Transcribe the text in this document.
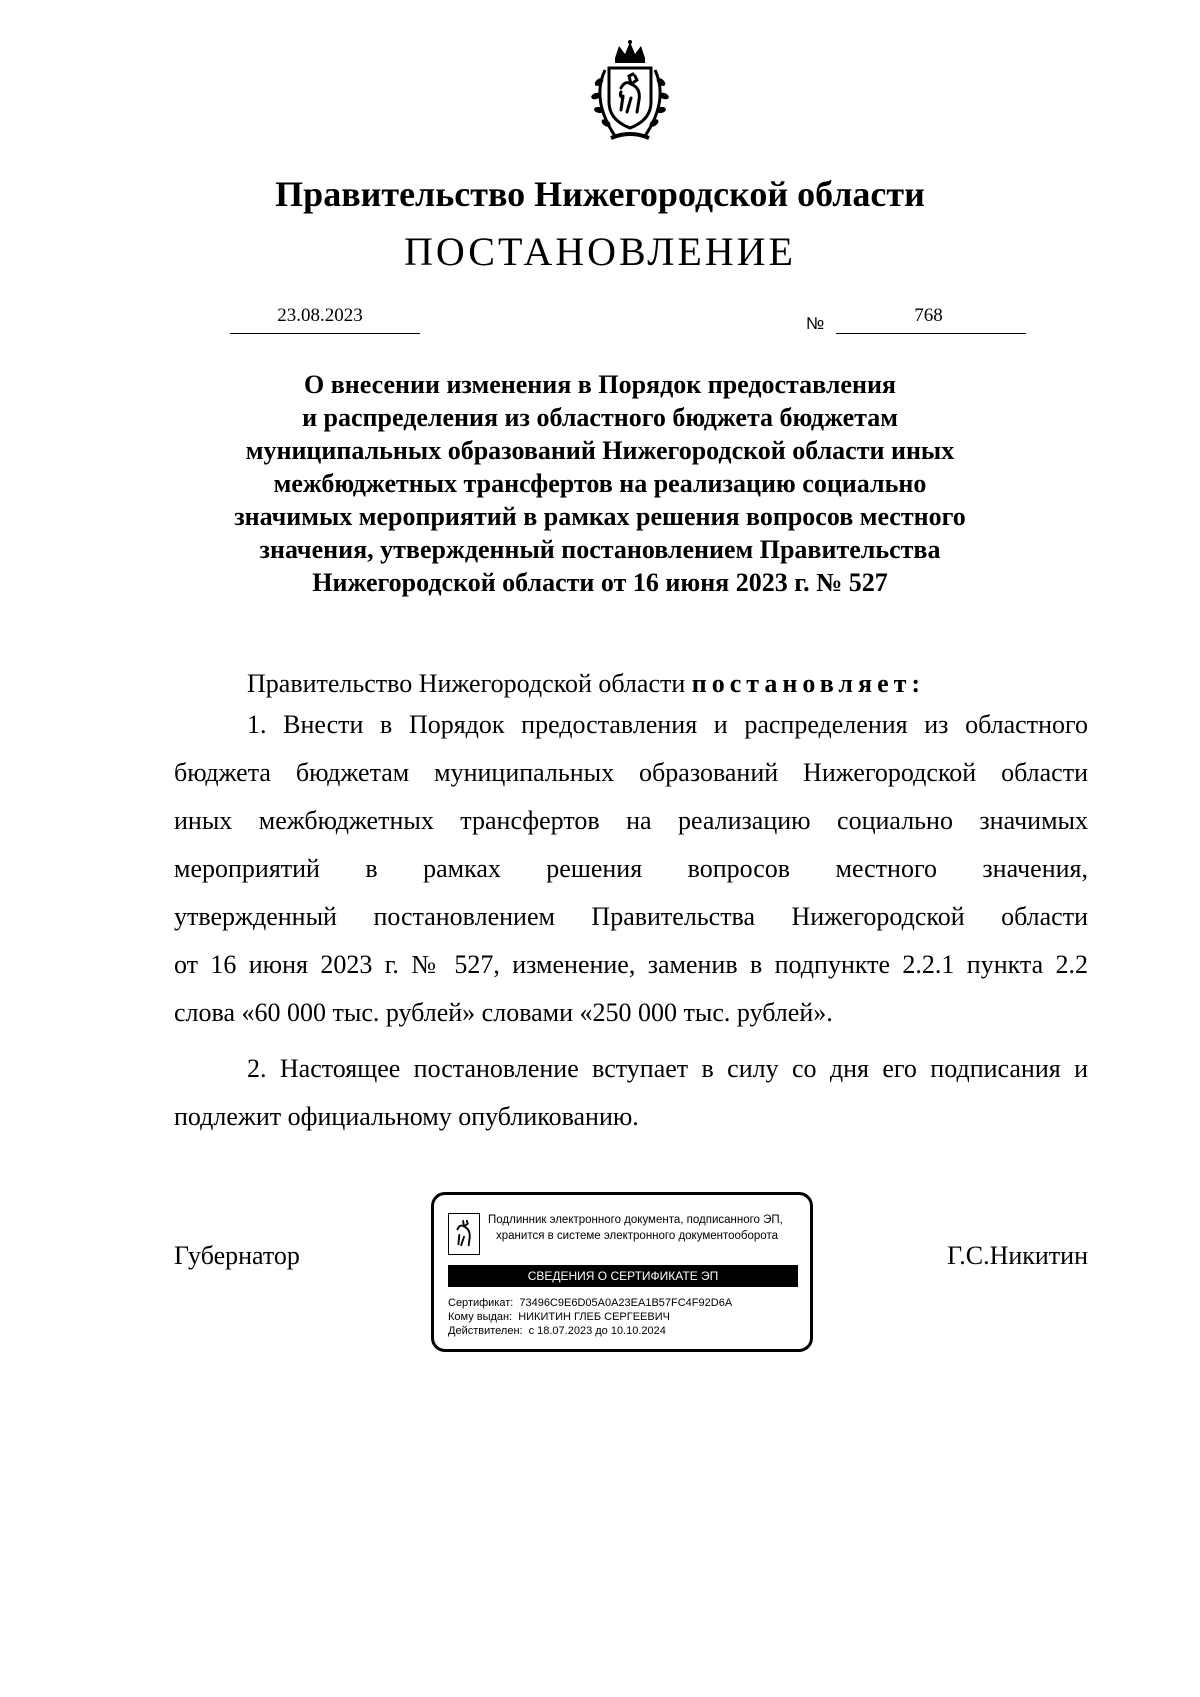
Правительство Нижегородской области
ПОСТАНОВЛЕНИЕ
23.08.2023	№	768
О внесении изменения в Порядок предоставления
и распределения из областного бюджета бюджетам
муниципальных образований Нижегородской области иных
межбюджетных трансфертов на реализацию социально
значимых мероприятий в рамках решения вопросов местного
значения, утвержденный постановлением Правительства
Нижегородской области от 16 июня 2023 г. № 527
Правительство Нижегородской области постановляет:
1. Внести в Порядок предоставления и распределения из областного
бюджета бюджетам муниципальных образований Нижегородской области
иных межбюджетных трансфертов на реализацию социально значимых
мероприятий в рамках решения вопросов местного значения,
утвержденный постановлением Правительства Нижегородской области
от 16 июня 2023 г. № 527, изменение, заменив в подпункте 2.2.1 пункта 2.2
слова «60 000 тыс. рублей» словами «250 000 тыс. рублей».
2. Настоящее постановление вступает в силу со дня его подписания и подлежит официальному опубликованию.
Губернатор	Г.С.Никитин
Подлинник электронного документа, подписанного ЭП,
хранится в системе электронного документооборота
СВЕДЕНИЯ О СЕРТИФИКАТЕ ЭП
Сертификат: 73496C9E6D05A0A23EA1B57FC4F92D6A
Кому выдан: НИКИТИН ГЛЕБ СЕРГЕЕВИЧ
Действителен: с 18.07.2023 до 10.10.2024
